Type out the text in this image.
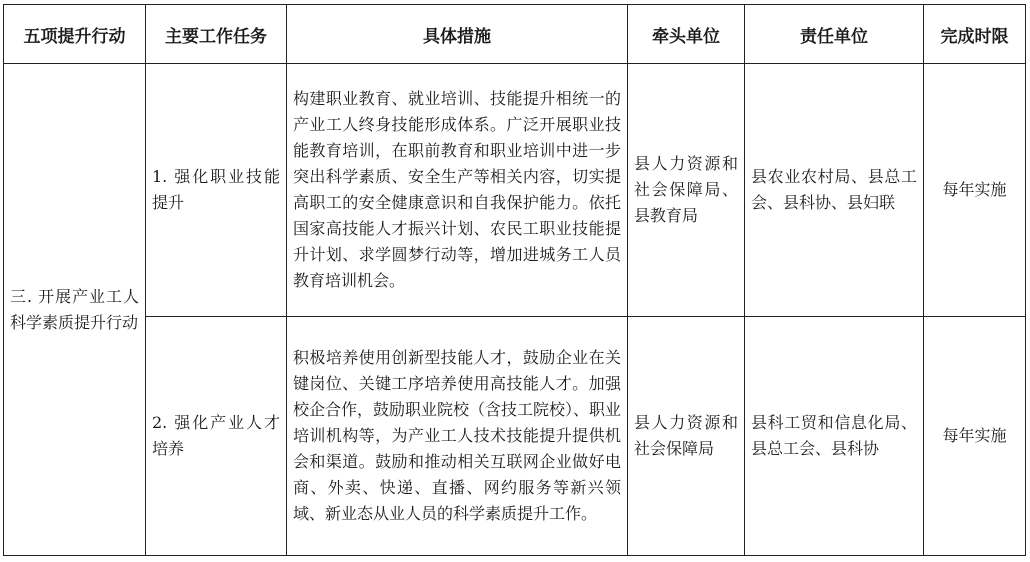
五项提升行动	主要工作任务	具体措施	牵头单位	责任单位	完成时限

三. 开展产业工人科学素质提升行动	1. 强化职业技能提升	构建职业教育、就业培训、技能提升相统一的产业工人终身技能形成体系。广泛开展职业技能教育培训，在职前教育和职业培训中进一步突出科学素质、安全生产等相关内容，切实提高职工的安全健康意识和自我保护能力。依托国家高技能人才振兴计划、农民工职业技能提升计划、求学圆梦行动等，增加进城务工人员教育培训机会。	县人力资源和社会保障局、县教育局	县农业农村局、县总工会、县科协、县妇联	每年实施

	2. 强化产业人才培养	积极培养使用创新型技能人才，鼓励企业在关键岗位、关键工序培养使用高技能人才。加强校企合作，鼓励职业院校（含技工院校）、职业培训机构等，为产业工人技术技能提升提供机会和渠道。鼓励和推动相关互联网企业做好电商、外卖、快递、直播、网约服务等新兴领域、新业态从业人员的科学素质提升工作。	县人力资源和社会保障局	县科工贸和信息化局、县总工会、县科协	每年实施
